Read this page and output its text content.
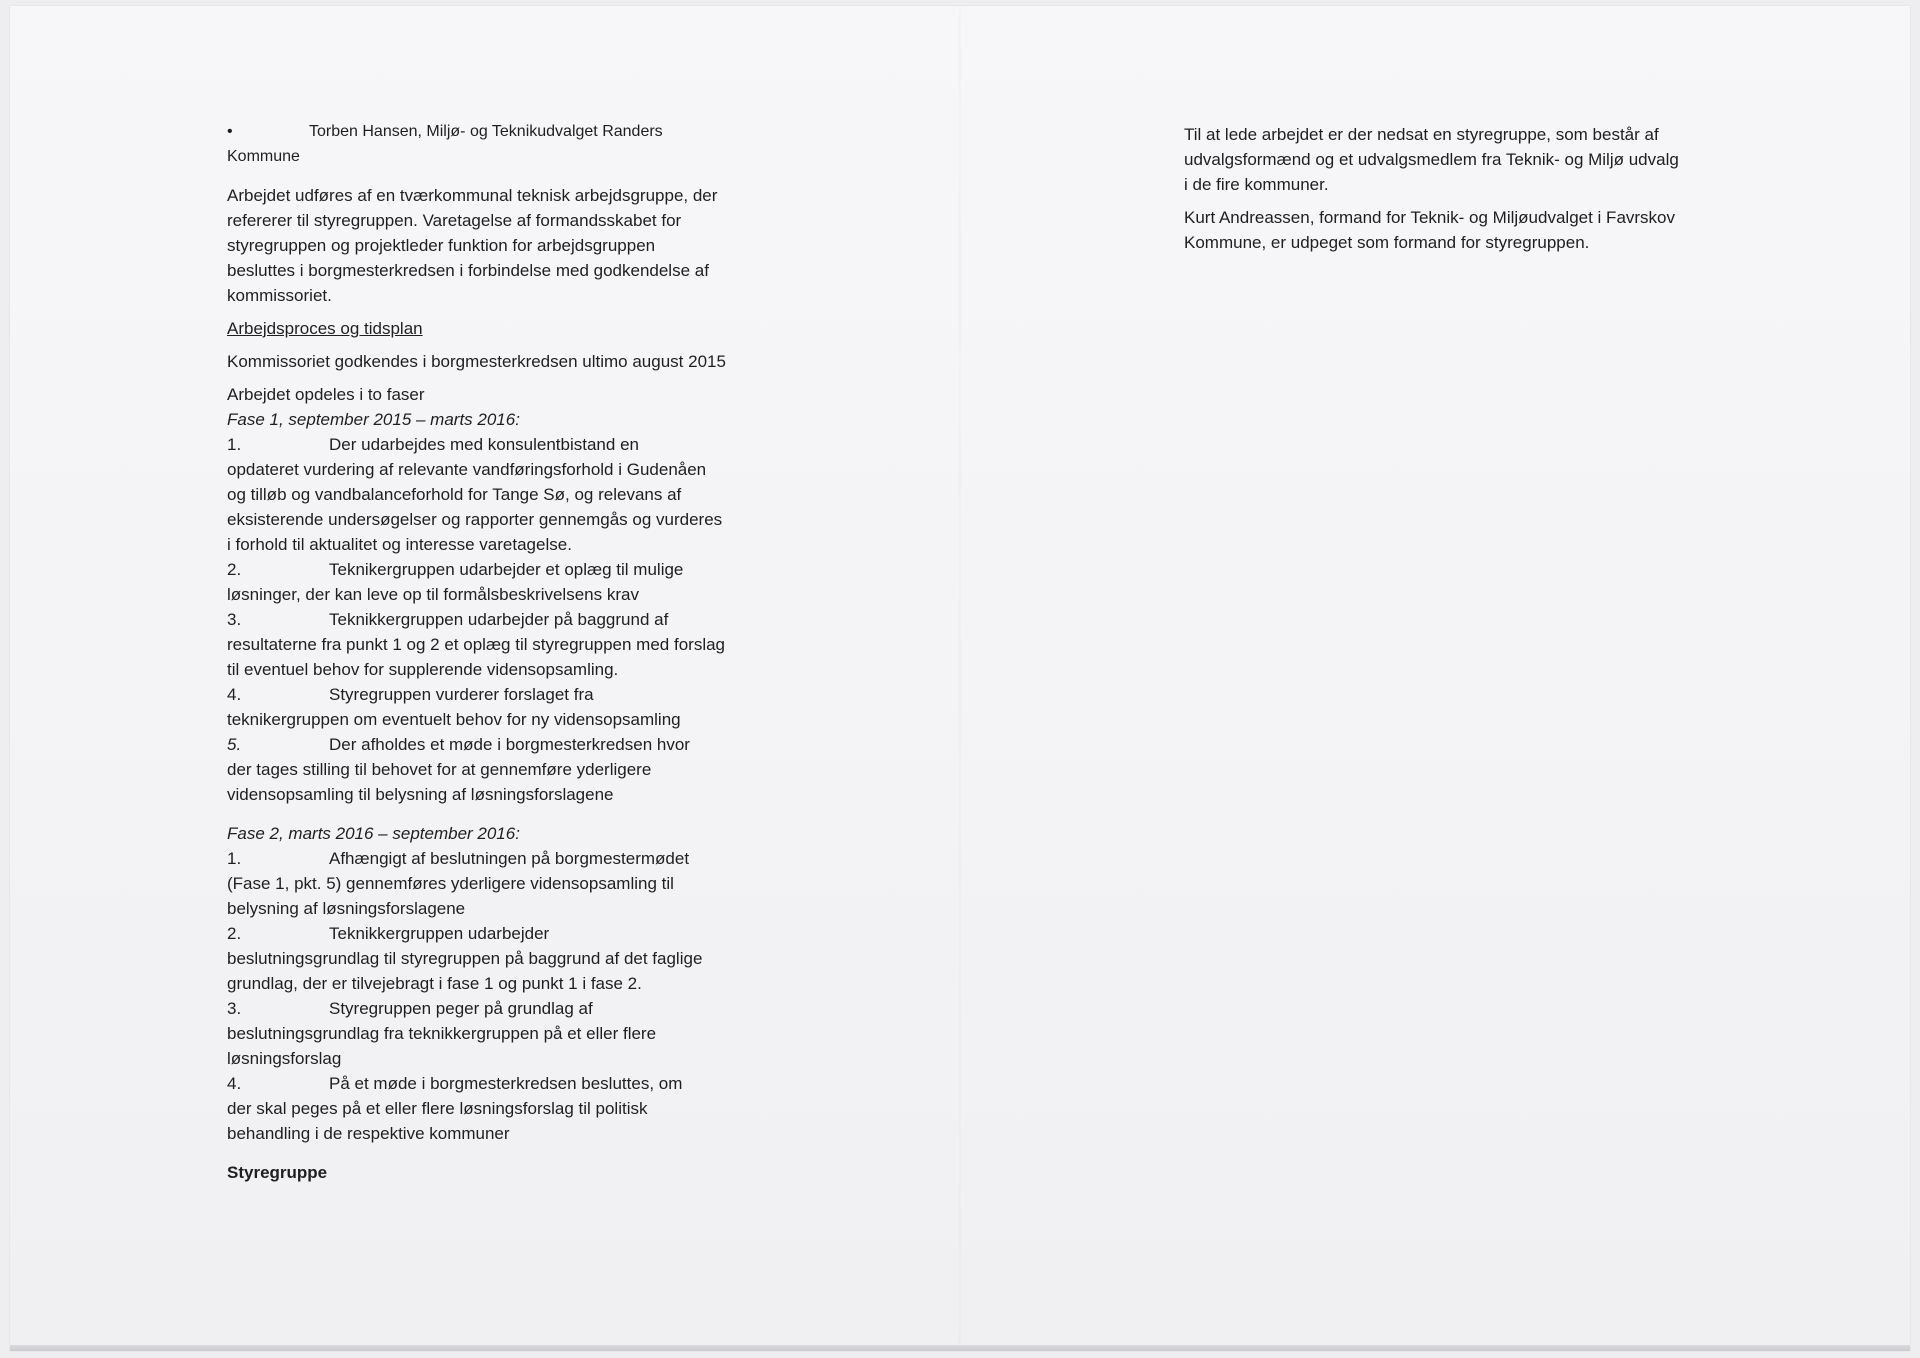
•	Torben Hansen, Miljø- og Teknikudvalget Randers

Kommune

Arbejdet udføres af en tværkommunal teknisk arbejdsgruppe, der refererer til styregruppen. Varetagelse af formandsskabet for styregruppen og projektleder funktion for arbejdsgruppen besluttes i borgmesterkredsen i forbindelse med godkendelse af kommissoriet.

Arbejdsproces og tidsplan

Kommissoriet godkendes i borgmesterkredsen ultimo august 2015

Arbejdet opdeles i to faser

Fase 1, september 2015 – marts 2016:

1.	Der udarbejdes med konsulentbistand en
opdateret vurdering af relevante vandføringsforhold i Gudenåen og tilløb og vandbalanceforhold for Tange Sø, og relevans af eksisterende undersøgelser og rapporter gennemgås og vurderes i forhold til aktualitet og interesse varetagelse.
2.	Teknikergruppen udarbejder et oplæg til mulige
løsninger, der kan leve op til formålsbeskrivelsens krav
3.	Teknikkergruppen udarbejder på baggrund af
resultaterne fra punkt 1 og 2 et oplæg til styregruppen med forslag til eventuel behov for supplerende vidensopsamling.
4.	Styregruppen vurderer forslaget fra
teknikergruppen om eventuelt behov for ny vidensopsamling
5.	Der afholdes et møde i borgmesterkredsen hvor
der tages stilling til behovet for at gennemføre yderligere vidensopsamling til belysning af løsningsforslagene

Fase 2, marts 2016 – september 2016:

1.	Afhængigt af beslutningen på borgmestermødet
(Fase 1, pkt. 5) gennemføres yderligere vidensopsamling til belysning af løsningsforslagene
2.	Teknikkergruppen udarbejder
beslutningsgrundlag til styregruppen på baggrund af det faglige grundlag, der er tilvejebragt i fase 1 og punkt 1 i fase 2.
3.	Styregruppen peger på grundlag af
beslutningsgrundlag fra teknikkergruppen på et eller flere løsningsforslag
4.	På et møde i borgmesterkredsen besluttes, om
der skal peges på et eller flere løsningsforslag til politisk behandling i de respektive kommuner

Styregruppe

Til at lede arbejdet er der nedsat en styregruppe, som består af udvalgsformænd og et udvalgsmedlem fra Teknik- og Miljø udvalg i de fire kommuner.

Kurt Andreassen, formand for Teknik- og Miljøudvalget i Favrskov Kommune, er udpeget som formand for styregruppen.
